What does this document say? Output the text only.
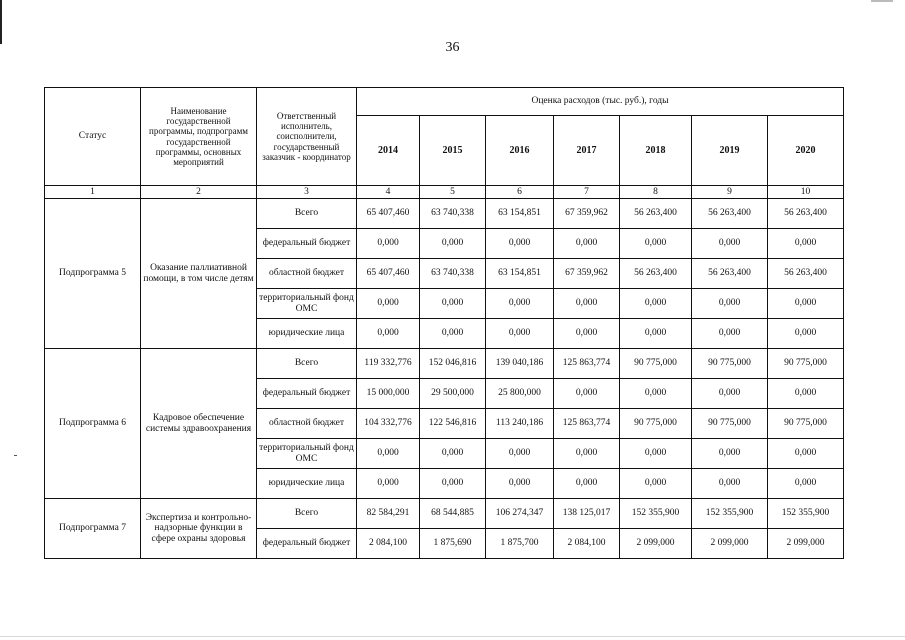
36
Статус	Наименование государственной программы, подпрограмм государственной программы, основных мероприятий	Ответственный исполнитель, соисполнители, государственный заказчик - координатор	Оценка расходов (тыс. руб.), годы						
			2014	2015	2016	2017	2018	2019	2020
1	2	3	4	5	6	7	8	9	10
Подпрограмма 5	Оказание паллиативной помощи, в том числе детям	Всего	65 407,460	63 740,338	63 154,851	67 359,962	56 263,400	56 263,400	56 263,400
		федеральный бюджет	0,000	0,000	0,000	0,000	0,000	0,000	0,000
		областной бюджет	65 407,460	63 740,338	63 154,851	67 359,962	56 263,400	56 263,400	56 263,400
		территориальный фонд ОМС	0,000	0,000	0,000	0,000	0,000	0,000	0,000
		юридические лица	0,000	0,000	0,000	0,000	0,000	0,000	0,000
Подпрограмма 6	Кадровое обеспечение системы здравоохранения	Всего	119 332,776	152 046,816	139 040,186	125 863,774	90 775,000	90 775,000	90 775,000
		федеральный бюджет	15 000,000	29 500,000	25 800,000	0,000	0,000	0,000	0,000
		областной бюджет	104 332,776	122 546,816	113 240,186	125 863,774	90 775,000	90 775,000	90 775,000
		территориальный фонд ОМС	0,000	0,000	0,000	0,000	0,000	0,000	0,000
		юридические лица	0,000	0,000	0,000	0,000	0,000	0,000	0,000
Подпрограмма 7	Экспертиза и контрольно-надзорные функции в сфере охраны здоровья	Всего	82 584,291	68 544,885	106 274,347	138 125,017	152 355,900	152 355,900	152 355,900
		федеральный бюджет	2 084,100	1 875,690	1 875,700	2 084,100	2 099,000	2 099,000	2 099,000
